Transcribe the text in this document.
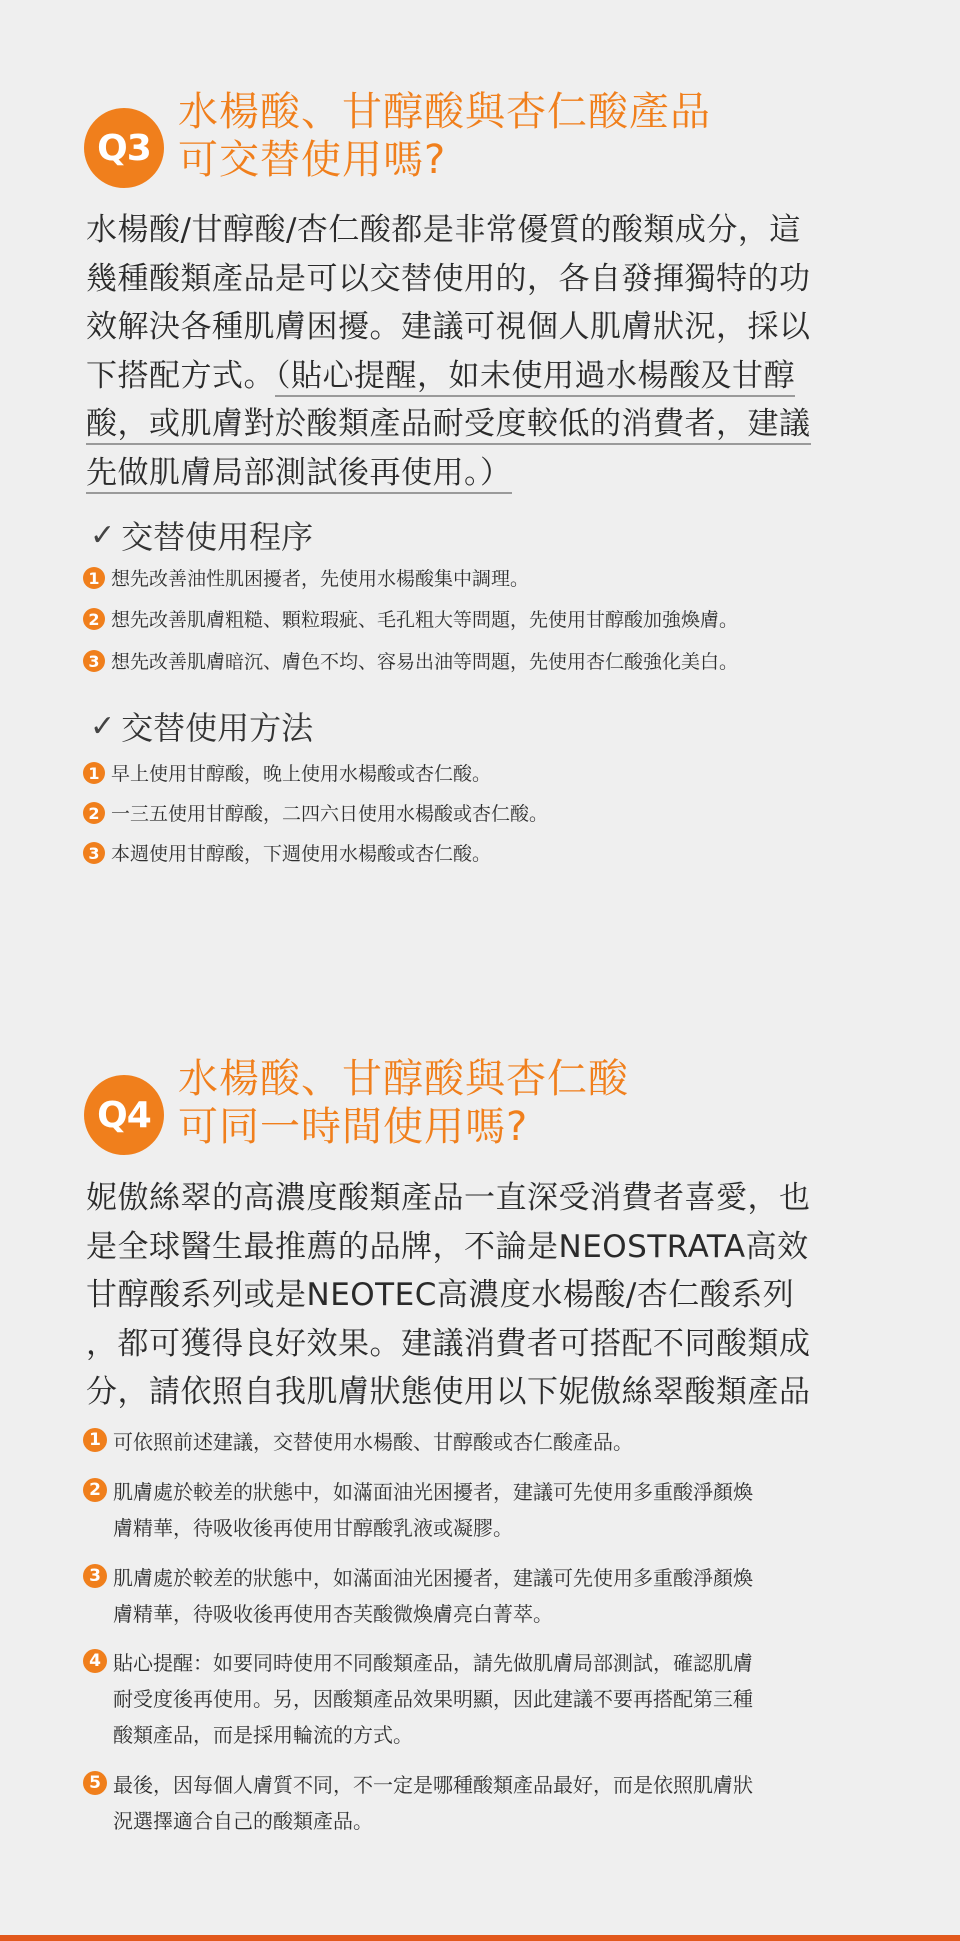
Q3
水楊酸、甘醇酸與杏仁酸產品
可交替使用嗎?
水楊酸/甘醇酸/杏仁酸都是非常優質的酸類成分，這
幾種酸類產品是可以交替使用的，各自發揮獨特的功
效解決各種肌膚困擾。建議可視個人肌膚狀況，採以
下搭配方式。（貼心提醒，如未使用過水楊酸及甘醇
酸，或肌膚對於酸類產品耐受度較低的消費者，建議
先做肌膚局部測試後再使用。）
✓ 交替使用程序
1 想先改善油性肌困擾者，先使用水楊酸集中調理。
2 想先改善肌膚粗糙、顆粒瑕疵、毛孔粗大等問題，先使用甘醇酸加強煥膚。
3 想先改善肌膚暗沉、膚色不均、容易出油等問題，先使用杏仁酸強化美白。
✓ 交替使用方法
1 早上使用甘醇酸，晚上使用水楊酸或杏仁酸。
2 一三五使用甘醇酸，二四六日使用水楊酸或杏仁酸。
3 本週使用甘醇酸，下週使用水楊酸或杏仁酸。
Q4
水楊酸、甘醇酸與杏仁酸
可同一時間使用嗎?
妮傲絲翠的高濃度酸類產品一直深受消費者喜愛，也
是全球醫生最推薦的品牌，不論是NEOSTRATA高效
甘醇酸系列或是NEOTEC高濃度水楊酸/杏仁酸系列
，都可獲得良好效果。建議消費者可搭配不同酸類成
分，請依照自我肌膚狀態使用以下妮傲絲翠酸類產品
1 可依照前述建議，交替使用水楊酸、甘醇酸或杏仁酸產品。
2 肌膚處於較差的狀態中，如滿面油光困擾者，建議可先使用多重酸淨顏煥
膚精華，待吸收後再使用甘醇酸乳液或凝膠。
3 肌膚處於較差的狀態中，如滿面油光困擾者，建議可先使用多重酸淨顏煥
膚精華，待吸收後再使用杏芙酸微煥膚亮白菁萃。
4 貼心提醒：如要同時使用不同酸類產品，請先做肌膚局部測試，確認肌膚
耐受度後再使用。另，因酸類產品效果明顯，因此建議不要再搭配第三種
酸類產品，而是採用輪流的方式。
5 最後，因每個人膚質不同，不一定是哪種酸類產品最好，而是依照肌膚狀
況選擇適合自己的酸類產品。
